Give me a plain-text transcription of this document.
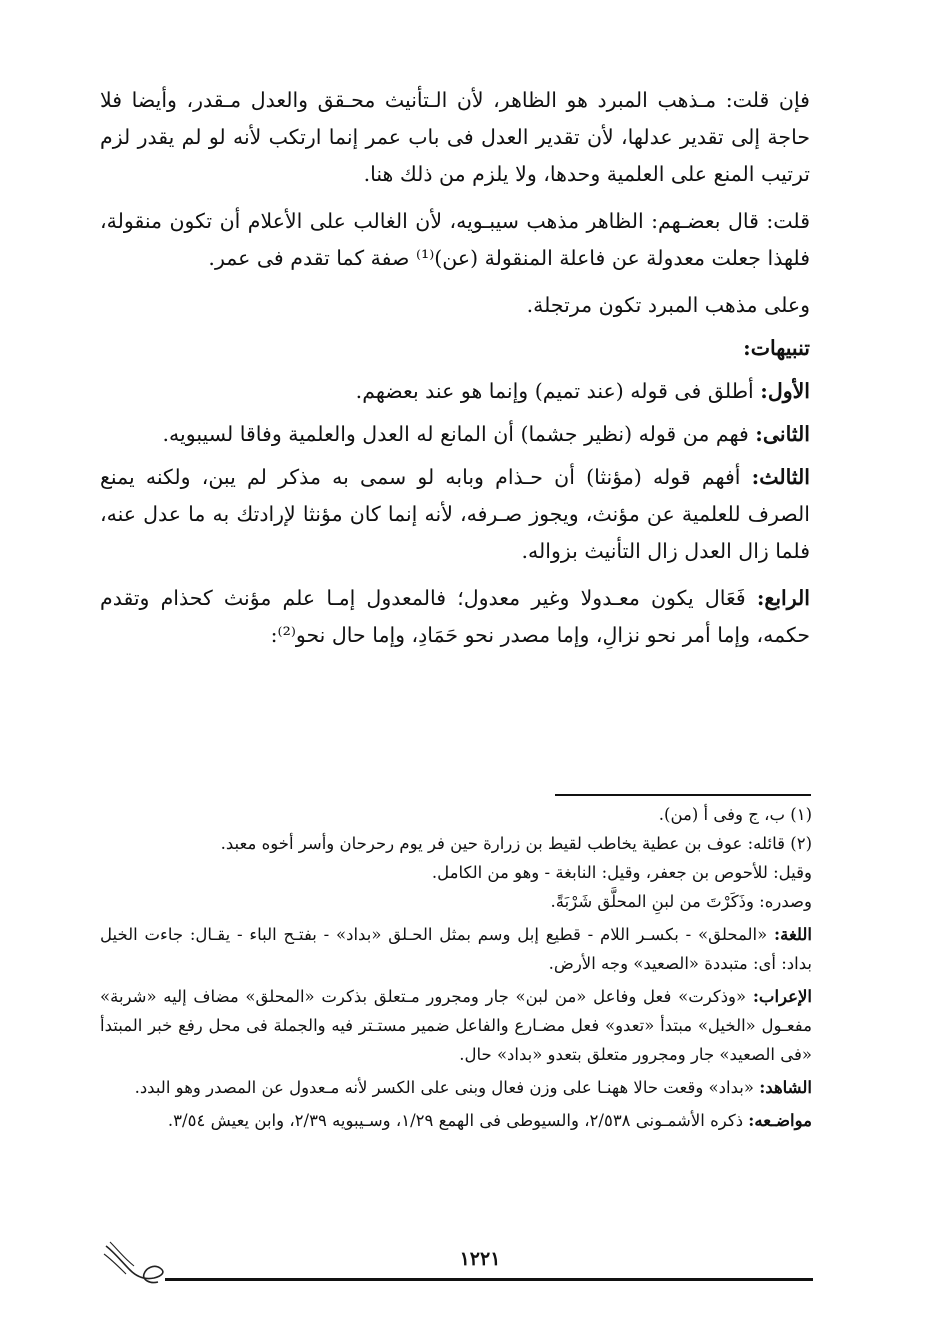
فإن قلت: مـذهب المبرد هو الظاهر، لأن الـتأنيث محـقق والعدل مـقدر، وأيضا فلا حاجة إلى تقدير عدلها، لأن تقدير العدل فى باب عمر إنما ارتكب لأنه لو لم يقدر لزم ترتيب المنع على العلمية وحدها، ولا يلزم من ذلك هنا.

قلت: قال بعضـهم: الظاهر مذهب سيبـويه، لأن الغالب على الأعلام أن تكون منقولة، فلهذا جعلت معدولة عن فاعلة المنقولة (عن)⁽¹⁾ صفة كما تقدم فى عمر.

وعلى مذهب المبرد تكون مرتجلة.

تنبيهات:

الأول: أطلق فى قوله (عند تميم) وإنما هو عند بعضهم.

الثانى: فهم من قوله (نظير جشما) أن المانع له العدل والعلمية وفاقا لسيبويه.

الثالث: أفهم قوله (مؤنثا) أن حـذام وبابه لو سمى به مذكر لم يبن، ولكنه يمنع الصرف للعلمية عن مؤنث، ويجوز صـرفه، لأنه إنما كان مؤنثا لإرادتك به ما عدل عنه، فلما زال العدل زال التأنيث بزواله.

الرابع: فَعَال يكون معـدولا وغير معدول؛ فالمعدول إمـا علم مؤنث كحذام وتقدم حكمه، وإما أمر نحو نزالِ، وإما مصدر نحو حَمَادِ، وإما حال نحو⁽²⁾:

(١) ب، ج وفى أ (من).

(٢) قائله: عوف بن عطية يخاطب لقيط بن زرارة حين فر يوم رحرحان وأسر أخوه معبد.

وقيل: للأحوص بن جعفر، وقيل: النابغة - وهو من الكامل.

وصدره: وذَكَرْتَ من لبنِ المحلَّق شَرْبَةً.

اللغة: «المحلق» - بكسـر اللام - قطيع إبل وسم بمثل الحـلق «بداد» - بفتـح الباء - يقـال: جاءت الخيل بداد: أى: متبددة «الصعيد» وجه الأرض.

الإعراب: «وذكرت» فعل وفاعل «من لبن» جار ومجرور مـتعلق بذكرت «المحلق» مضاف إليه «شربة» مفعـول «الخيل» مبتدأ «تعدو» فعل مضـارع والفاعل ضمير مستـتر فيه والجملة فى محل رفع خبر المبتدأ «فى الصعيد» جار ومجرور متعلق بتعدو «بداد» حال.

الشاهد: «بداد» وقعت حالا ههنـا على وزن فعال وبنى على الكسر لأنه مـعدول عن المصدر وهو البدد.

مواضـعه: ذكره الأشمـونى ٢/٥٣٨، والسيوطى فى الهمع ١/٢٩، وسـيبويه ٢/٣٩، وابن يعيش ٣/٥٤.

١٢٢١
